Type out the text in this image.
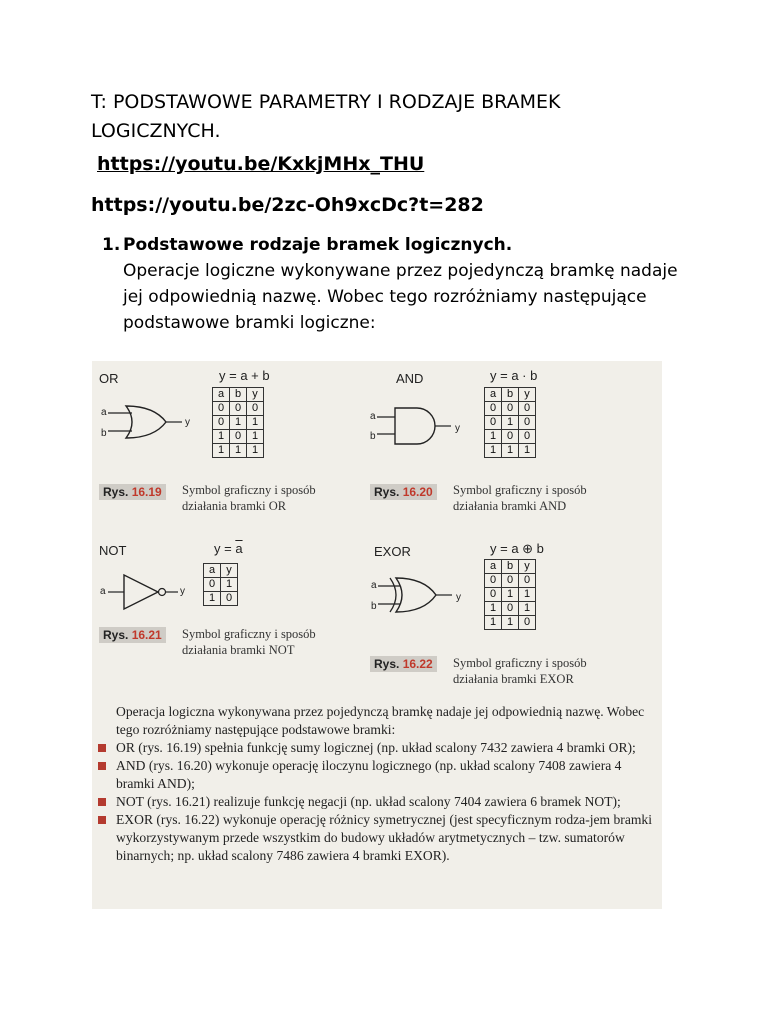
T: PODSTAWOWE PARAMETRY I RODZAJE BRAMEK LOGICZNYCH.
https://youtu.be/KxkjMHx_THU
https://youtu.be/2zc-Oh9xcDc?t=282
1. Podstawowe rodzaje bramek logicznych.
Operacje logiczne wykonywane przez pojedynczą bramkę nadaje jej odpowiednią nazwę. Wobec tego rozróżniamy następujące podstawowe bramki logiczne:
OR	y = a + b
a
b
y
a	b	y
0	0	0
0	1	1
1	0	1
1	1	1
Rys. 16.19	Symbol graficzny i sposób działania bramki OR
AND	y = a · b
a
b
y
a	b	y
0	0	0
0	1	0
1	0	0
1	1	1
Rys. 16.20	Symbol graficzny i sposób działania bramki AND
NOT	$y = \overline{a}$
a	y
a	y
0	1
1	0
Rys. 16.21	Symbol graficzny i sposób działania bramki NOT
EXOR	y = a ⊕ b
a
b
y
a	b	y
0	0	0
0	1	1
1	0	1
1	1	0
Rys. 16.22	Symbol graficzny i sposób działania bramki EXOR

Operacja logiczna wykonywana przez pojedynczą bramkę nadaje jej odpowiednią nazwę. Wobec tego rozróżniamy następujące podstawowe bramki:

OR (rys. 16.19) spełnia funkcję sumy logicznej (np. układ scalony 7432 zawiera 4 bramki OR);
AND (rys. 16.20) wykonuje operację iloczynu logicznego (np. układ scalony 7408 zawiera 4 bramki AND);
NOT (rys. 16.21) realizuje funkcję negacji (np. układ scalony 7404 zawiera 6 bramek NOT);
EXOR (rys. 16.22) wykonuje operację różnicy symetrycznej (jest specyficznym rodza-jem bramki wykorzystywanym przede wszystkim do budowy układów arytmetycznych – tzw. sumatorów binarnych; np. układ scalony 7486 zawiera 4 bramki EXOR).
